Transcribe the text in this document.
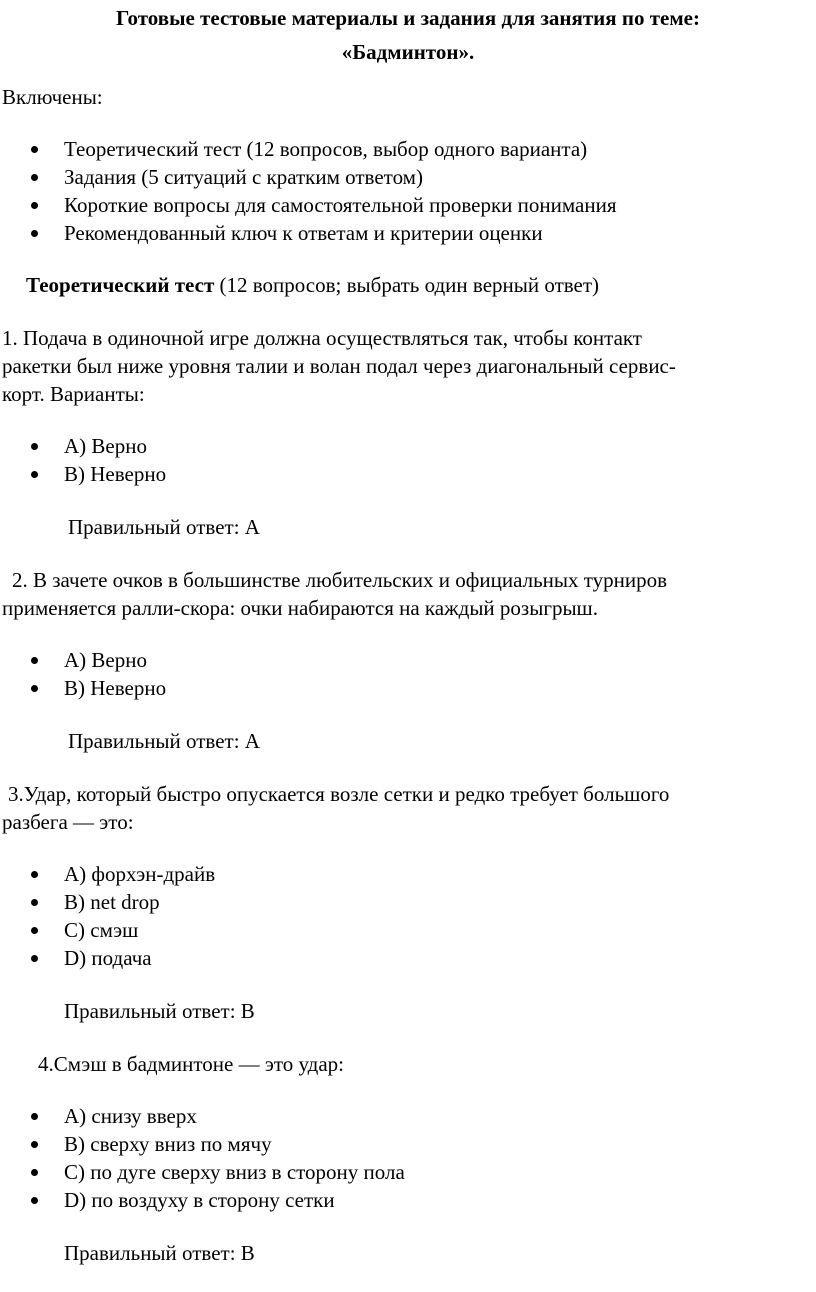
Готовые тестовые материалы и задания для занятия по теме:
«Бадминтон».
Включены:
Теоретический тест (12 вопросов, выбор одного варианта)
Задания (5 ситуаций с кратким ответом)
Короткие вопросы для самостоятельной проверки понимания
Рекомендованный ключ к ответам и критерии оценки
Теоретический тест (12 вопросов; выбрать один верный ответ)
1. Подача в одиночной игре должна осуществляться так, чтобы контакт
ракетки был ниже уровня талии и волан подал через диагональный сервис-
корт. Варианты:
A) Верно
B) Неверно
Правильный ответ: A
2. В зачете очков в большинстве любительских и официальных турниров
применяется ралли-скора: очки набираются на каждый розыгрыш.
A) Верно
B) Неверно
Правильный ответ: A
3.Удар, который быстро опускается возле сетки и редко требует большого
разбега — это:
A) форхэн-драйв
B) net drop
C) смэш
D) подача
Правильный ответ: B
4.Смэш в бадминтоне — это удар:
A) снизу вверх
B) сверху вниз по мячу
C) по дуге сверху вниз в сторону пола
D) по воздуху в сторону сетки
Правильный ответ: B
